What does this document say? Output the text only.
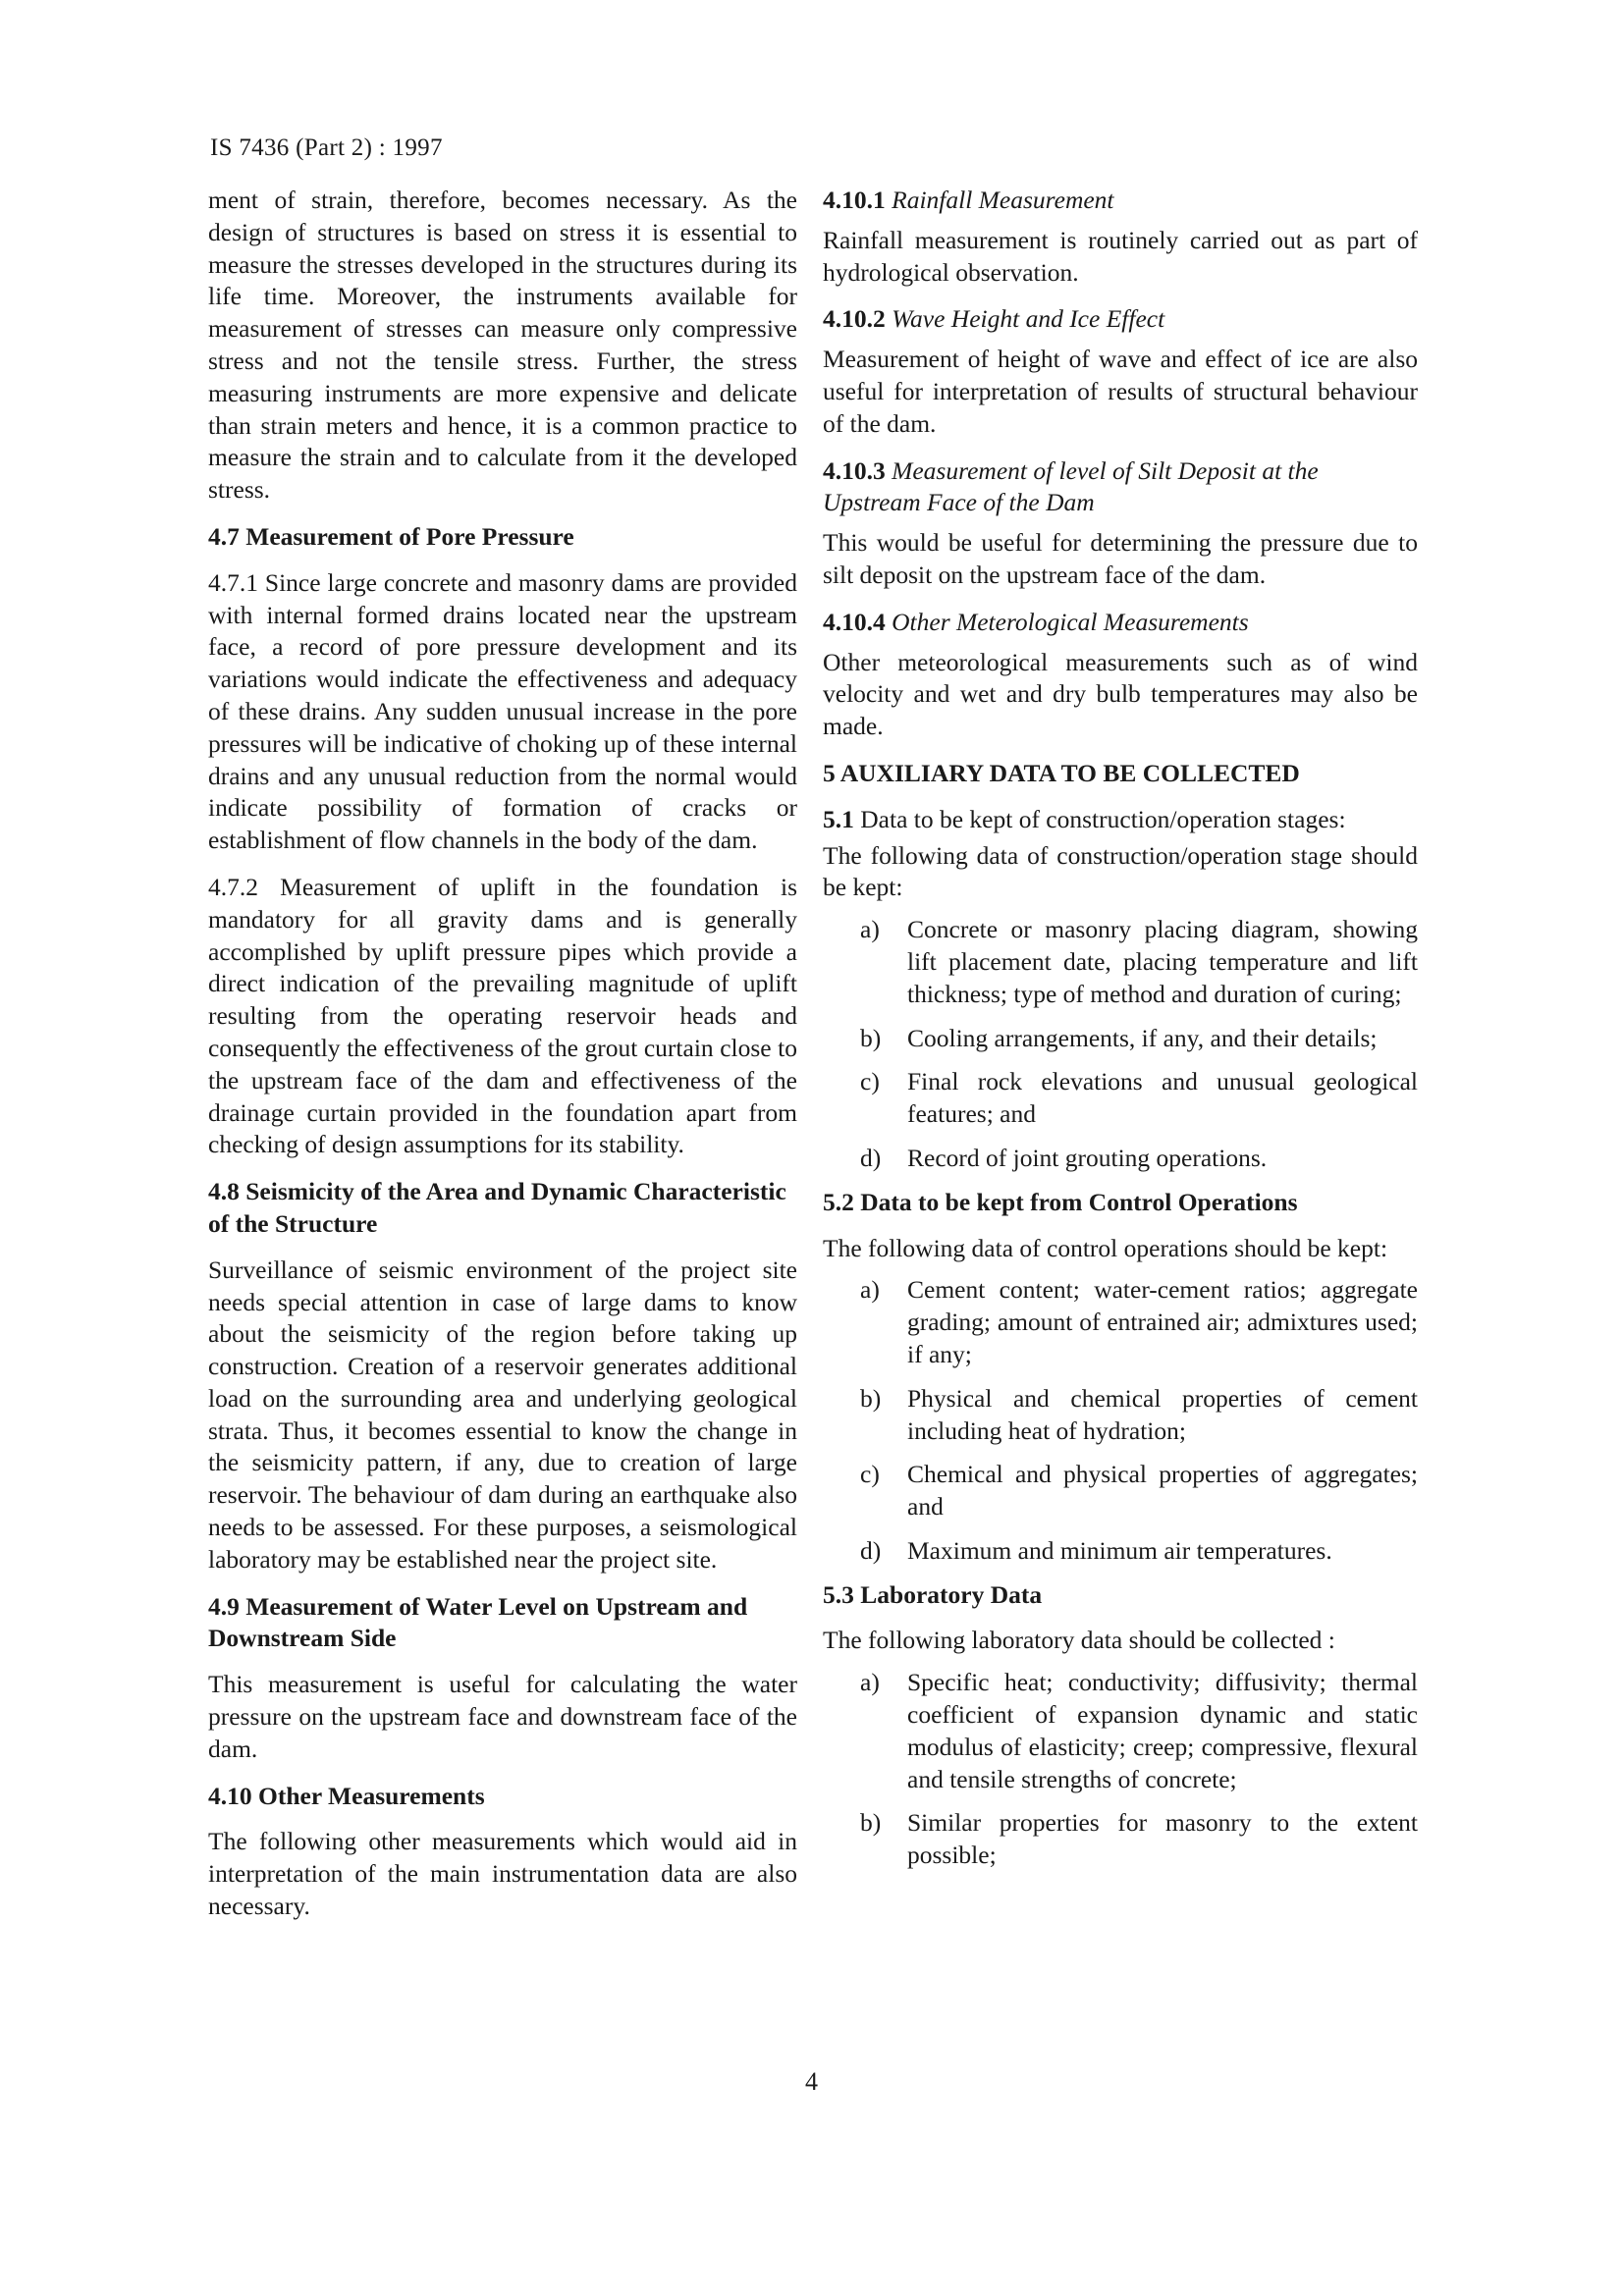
IS 7436 (Part 2) : 1997

ment of strain, therefore, becomes necessary. As the design of structures is based on stress it is essential to measure the stresses developed in the structures during its life time. Moreover, the instruments available for measurement of stresses can measure only compressive stress and not the tensile stress. Further, the stress measuring instruments are more expensive and delicate than strain meters and hence, it is a common practice to measure the strain and to calculate from it the developed stress.

4.7 Measurement of Pore Pressure

4.7.1 Since large concrete and masonry dams are provided with internal formed drains located near the upstream face, a record of pore pressure development and its variations would indicate the effectiveness and adequacy of these drains. Any sudden unusual increase in the pore pressures will be indicative of choking up of these internal drains and any unusual reduction from the normal would indicate possibility of formation of cracks or establishment of flow channels in the body of the dam.

4.7.2 Measurement of uplift in the foundation is mandatory for all gravity dams and is generally accomplished by uplift pressure pipes which provide a direct indication of the prevailing magnitude of uplift resulting from the operating reservoir heads and consequently the effectiveness of the grout curtain close to the upstream face of the dam and effectiveness of the drainage curtain provided in the foundation apart from checking of design assumptions for its stability.

4.8 Seismicity of the Area and Dynamic Characteristic of the Structure

Surveillance of seismic environment of the project site needs special attention in case of large dams to know about the seismicity of the region before taking up construction. Creation of a reservoir generates additional load on the surrounding area and underlying geological strata. Thus, it becomes essential to know the change in the seismicity pattern, if any, due to creation of large reservoir. The behaviour of dam during an earthquake also needs to be assessed. For these purposes, a seismological laboratory may be established near the project site.

4.9 Measurement of Water Level on Upstream and Downstream Side

This measurement is useful for calculating the water pressure on the upstream face and downstream face of the dam.

4.10 Other Measurements

The following other measurements which would aid in interpretation of the main instrumentation data are also necessary.

4.10.1 Rainfall Measurement

Rainfall measurement is routinely carried out as part of hydrological observation.

4.10.2 Wave Height and Ice Effect

Measurement of height of wave and effect of ice are also useful for interpretation of results of structural behaviour of the dam.

4.10.3 Measurement of level of Silt Deposit at the Upstream Face of the Dam

This would be useful for determining the pressure due to silt deposit on the upstream face of the dam.

4.10.4 Other Meterological Measurements

Other meteorological measurements such as of wind velocity and wet and dry bulb temperatures may also be made.

5 AUXILIARY DATA TO BE COLLECTED

5.1 Data to be kept of construction/operation stages:

The following data of construction/operation stage should be kept:

a)	Concrete or masonry placing diagram, showing lift placement date, placing temperature and lift thickness; type of method and duration of curing;
b)	Cooling arrangements, if any, and their details;
c)	Final rock elevations and unusual geological features; and
d)	Record of joint grouting operations.
5.2 Data to be kept from Control Operations

The following data of control operations should be kept:

a)	Cement content; water-cement ratios; aggregate grading; amount of entrained air; admixtures used; if any;
b)	Physical and chemical properties of cement including heat of hydration;
c)	Chemical and physical properties of aggregates; and
d)	Maximum and minimum air temperatures.
5.3 Laboratory Data

The following laboratory data should be collected :

a)	Specific heat; conductivity; diffusivity; thermal coefficient of expansion dynamic and static modulus of elasticity; creep; compressive, flexural and tensile strengths of concrete;
b)	Similar properties for masonry to the extent possible;
4
